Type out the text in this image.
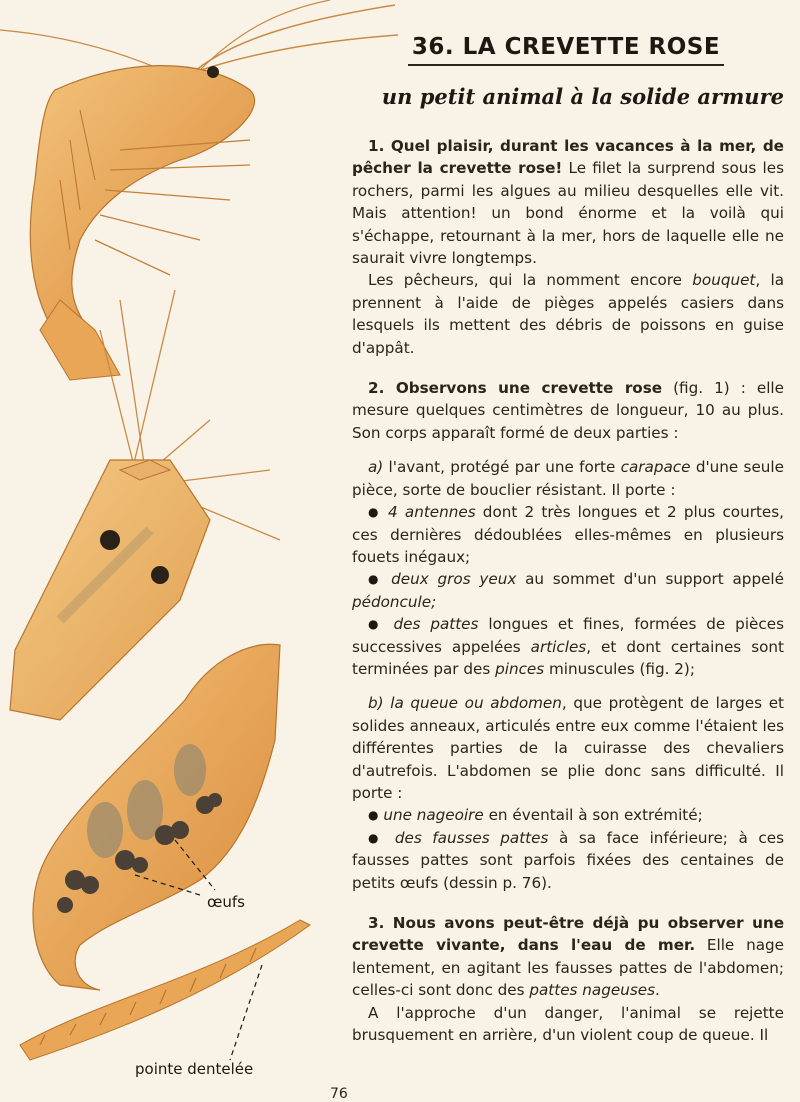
œufs
pointe dentelée
36. LA CREVETTE ROSE
un petit animal à la solide armure

1. Quel plaisir, durant les vacances à la mer, de pêcher la crevette rose! Le filet la surprend sous les rochers, parmi les algues au milieu desquelles elle vit. Mais attention! un bond énorme et la voilà qui s'échappe, retournant à la mer, hors de laquelle elle ne saurait vivre longtemps.

Les pêcheurs, qui la nomment encore bouquet, la prennent à l'aide de pièges appelés casiers dans lesquels ils mettent des débris de poissons en guise d'appât.

2. Observons une crevette rose (fig. 1) : elle mesure quelques centimètres de longueur, 10 au plus. Son corps apparaît formé de deux parties :

a) l'avant, protégé par une forte carapace d'une seule pièce, sorte de bouclier résistant. Il porte :

● 4 antennes dont 2 très longues et 2 plus courtes, ces dernières dédoublées elles-mêmes en plusieurs fouets inégaux;

● deux gros yeux au sommet d'un support appelé pédoncule;

● des pattes longues et fines, formées de pièces successives appelées articles, et dont certaines sont terminées par des pinces minuscules (fig. 2);

b) la queue ou abdomen, que protègent de larges et solides anneaux, articulés entre eux comme l'étaient les différentes parties de la cuirasse des chevaliers d'autrefois. L'abdomen se plie donc sans difficulté. Il porte :

● une nageoire en éventail à son extrémité;

● des fausses pattes à sa face inférieure; à ces fausses pattes sont parfois fixées des centaines de petits œufs (dessin p. 76).

3. Nous avons peut-être déjà pu observer une crevette vivante, dans l'eau de mer. Elle nage lentement, en agitant les fausses pattes de l'abdomen; celles-ci sont donc des pattes nageuses.

A l'approche d'un danger, l'animal se rejette brusquement en arrière, d'un violent coup de queue. Il

76
